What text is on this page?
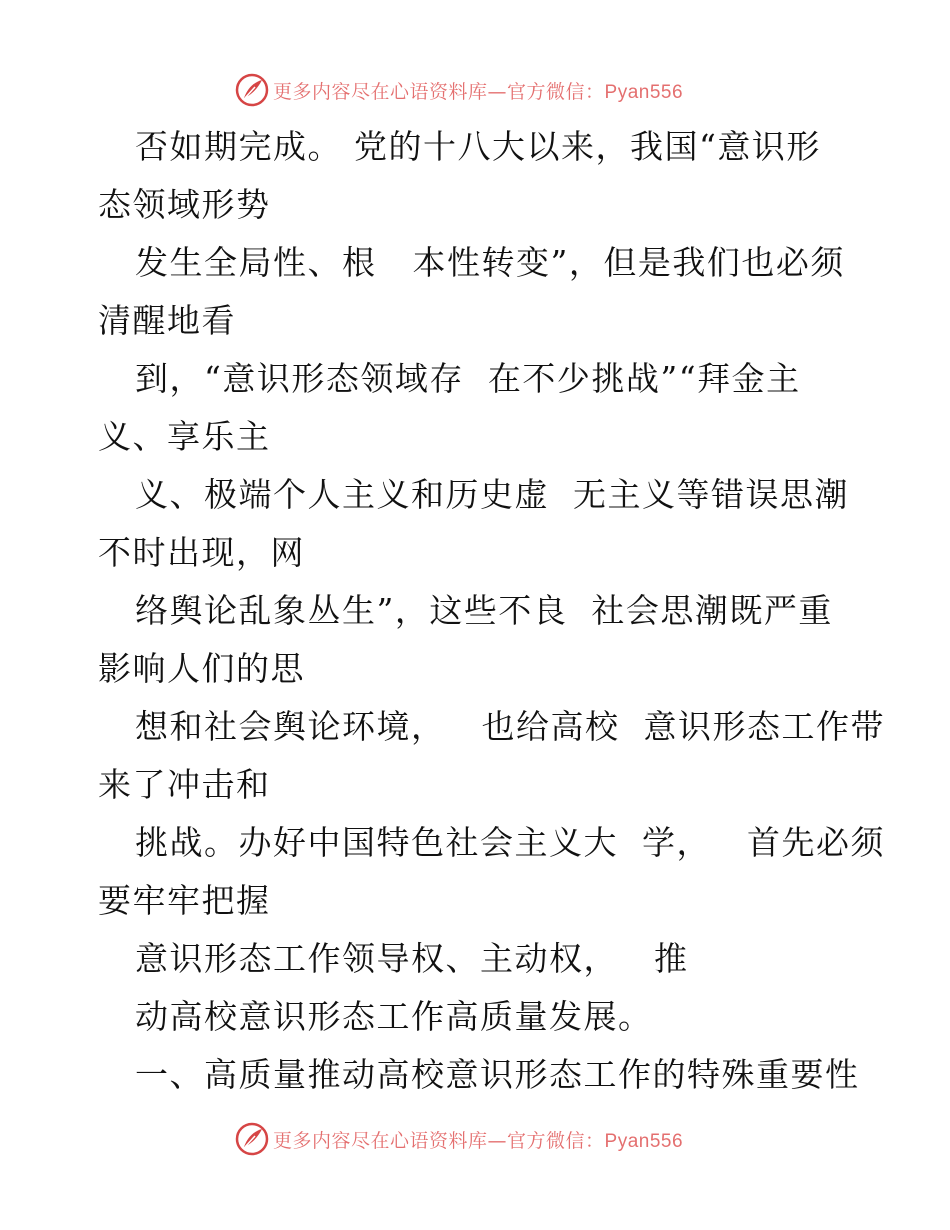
更多内容尽在心语资料库—官方微信：Pyan556

否如期完成。 党的十八大以来，我国“意识形

态领域形势

发生全局性、根   本性转变”，但是我们也必须

清醒地看

到，“意识形态领域存  在不少挑战”“拜金主

义、享乐主

义、极端个人主义和历史虚  无主义等错误思潮

不时出现，网

络舆论乱象丛生”，这些不良  社会思潮既严重

影响人们的思

想和社会舆论环境，   也给高校  意识形态工作带

来了冲击和

挑战。办好中国特色社会主义大  学，   首先必须

要牢牢把握

意识形态工作领导权、主动权，   推

动高校意识形态工作高质量发展。

一、高质量推动高校意识形态工作的特殊重要性

更多内容尽在心语资料库—官方微信：Pyan556
